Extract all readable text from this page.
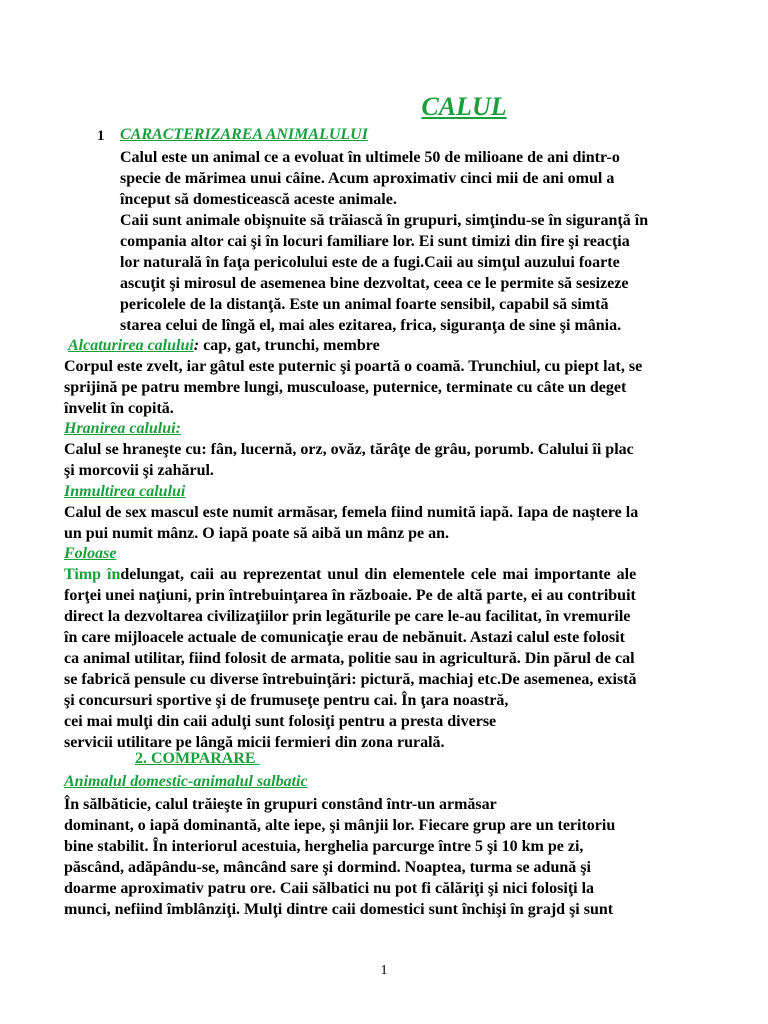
CALUL
1 CARACTERIZAREA ANIMALULUI
Calul este un animal ce a evoluat în ultimele 50 de milioane de ani dintr-o
specie de mărimea unui câine. Acum aproximativ cinci mii de ani omul a
început să domesticească aceste animale.
Caii sunt animale obişnuite să trăiască în grupuri, simţindu-se în siguranţă în
compania altor cai şi în locuri familiare lor. Ei sunt timizi din fire şi reacţia
lor naturală în faţa pericolului este de a fugi.Caii au simţul auzului foarte
ascuţit şi mirosul de asemenea bine dezvoltat, ceea ce le permite să sesizeze
pericolele de la distanţă. Este un animal foarte sensibil, capabil să simtă
starea celui de lîngă el, mai ales ezitarea, frica, siguranţa de sine şi mânia.
Alcaturirea calului: cap, gat, trunchi, membre
Corpul este zvelt, iar gâtul este puternic şi poartă o coamă. Trunchiul, cu piept lat, se
sprijină pe patru membre lungi, musculoase, puternice, terminate cu câte un deget
învelit în copită.
Hranirea calului:
Calul se hraneşte cu: fân, lucernă, orz, ovăz, tărâţe de grâu, porumb. Calului îi plac
şi morcovii şi zahărul.
Inmultirea calului
Calul de sex mascul este numit armăsar, femela fiind numită iapă. Iapa de naştere la
un pui numit mânz. O iapă poate să aibă un mânz pe an.
Foloase
Timp îndelungat, caii au reprezentat unul din elementele cele mai importante ale
forţei unei naţiuni, prin întrebuinţarea în războaie. Pe de altă parte, ei au contribuit
direct la dezvoltarea civilizaţiilor prin legăturile pe care le-au facilitat, în vremurile
în care mijloacele actuale de comunicaţie erau de nebănuit. Astazi calul este folosit
ca animal utilitar, fiind folosit de armata, politie sau in agricultură. Din părul de cal
se fabrică pensule cu diverse întrebuinţări: pictură, machiaj etc.De asemenea, există
şi concursuri sportive şi de frumuseţe pentru cai. În ţara noastră,
cei mai mulţi din caii adulţi sunt folosiţi pentru a presta diverse
servicii utilitare pe lângă micii fermieri din zona rurală.
2. COMPARARE
Animalul domestic-animalul salbatic
În sălbăticie, calul trăieşte în grupuri constând într-un armăsar
dominant, o iapă dominantă, alte iepe, şi mânjii lor. Fiecare grup are un teritoriu
bine stabilit. În interiorul acestuia, herghelia parcurge între 5 şi 10 km pe zi,
păscând, adăpându-se, mâncând sare şi dormind. Noaptea, turma se adună şi
doarme aproximativ patru ore. Caii sălbatici nu pot fi călăriţi şi nici folosiţi la
munci, nefiind îmblânziţi. Mulţi dintre caii domestici sunt închişi în grajd şi sunt
1
